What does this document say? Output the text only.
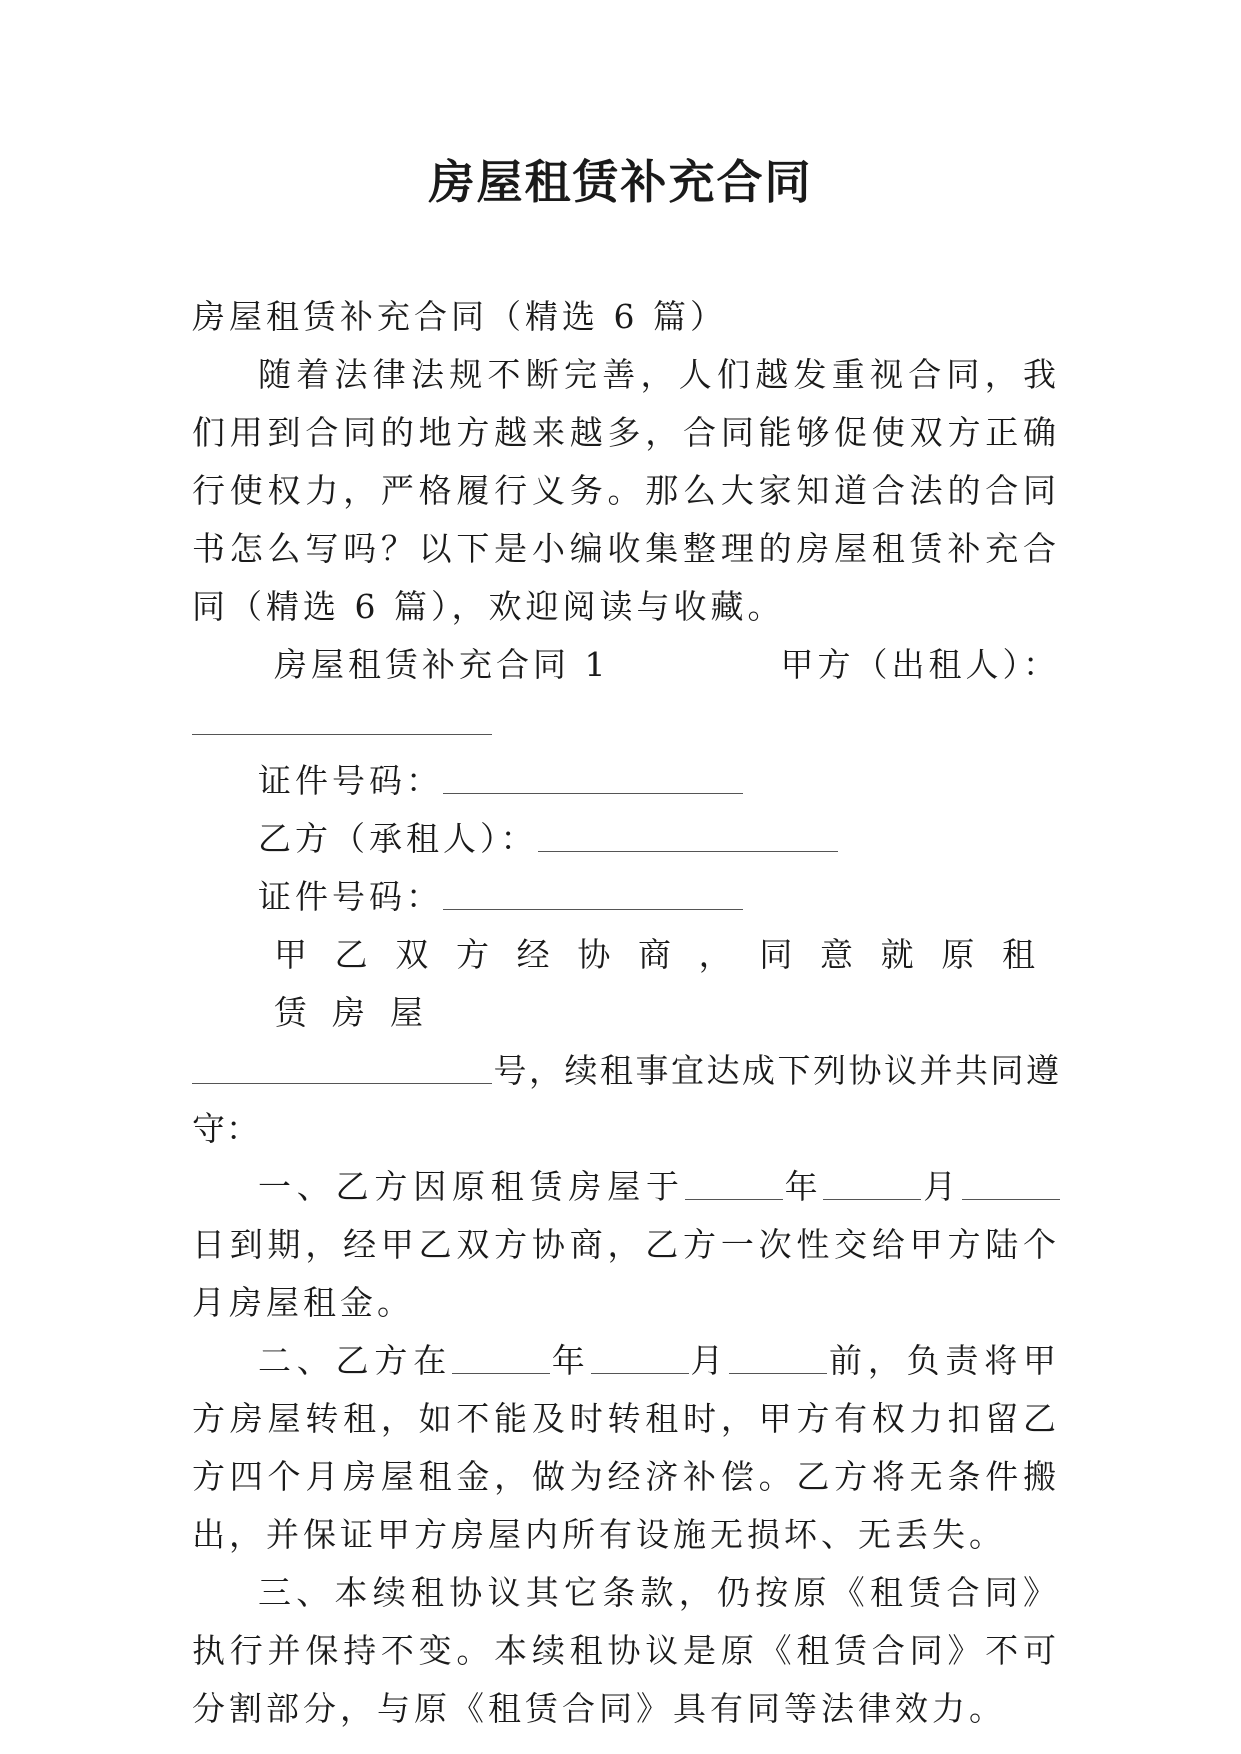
房屋租赁补充合同

房屋租赁补充合同（精选 6 篇）

随着法律法规不断完善，人们越发重视合同，我们用到合同的地方越来越多，合同能够促使双方正确行使权力，严格履行义务。那么大家知道合法的合同书怎么写吗？以下是小编收集整理的房屋租赁补充合同（精选 6 篇），欢迎阅读与收藏。

房屋租赁补充合同 1	甲方（出租人）：

证件号码：

乙方（承租人）：

证件号码：

甲乙双方经协商，同意就原租赁房屋

号，续租事宜达成下列协议并共同遵守：

一、乙方因原租赁房屋于	年	月日到期，经甲乙双方协商，乙方一次性交给甲方陆个月房屋租金。

二、乙方在	年	月	前，负责将甲方房屋转租，如不能及时转租时，甲方有权力扣留乙方四个月房屋租金，做为经济补偿。乙方将无条件搬出，并保证甲方房屋内所有设施无损坏、无丢失。

三、本续租协议其它条款，仍按原《租赁合同》执行并保持不变。本续租协议是原《租赁合同》不可分割部分，与原《租赁合同》具有同等法律效力。
